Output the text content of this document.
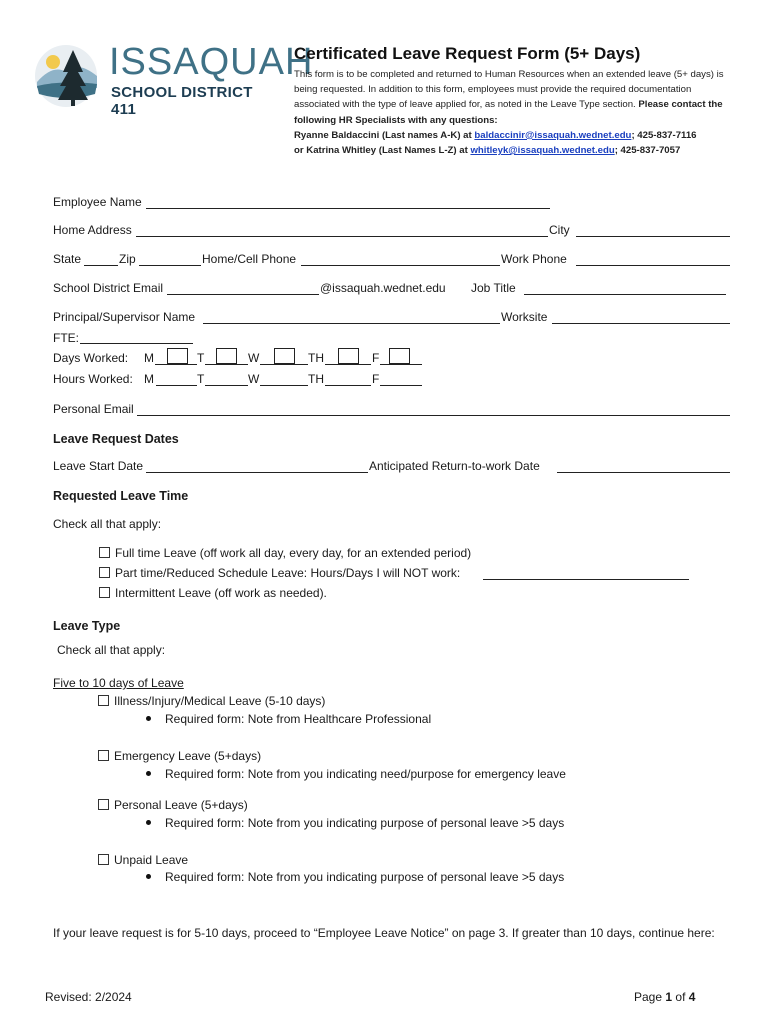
ISSAQUAH
SCHOOL DISTRICT 411
Certificated Leave Request Form (5+ Days)
This form is to be completed and returned to Human Resources when an extended leave (5+ days) is being requested. In addition to this form, employees must provide the required documentation associated with the type of leave applied for, as noted in the Leave Type section. Please contact the following HR Specialists with any questions:
Ryanne Baldaccini (Last names A-K) at baldaccinir@issaquah.wednet.edu; 425-837-7116
or Katrina Whitley (Last Names L-Z) at whitleyk@issaquah.wednet.edu; 425-837-7057
Employee Name
Home Address	City
State	Zip	Home/Cell Phone	Work Phone
School District Email	@issaquah.wednet.edu Job Title
Principal/Supervisor Name	Worksite
FTE:
Days Worked: M	T	W	TH	F
Hours Worked: M	T	W	TH	F
Personal Email
Leave Request Dates
Leave Start Date	Anticipated Return-to-work Date
Requested Leave Time
Check all that apply:
Full time Leave (off work all day, every day, for an extended period)
Part time/Reduced Schedule Leave: Hours/Days I will NOT work:
Intermittent Leave (off work as needed).
Leave Type
Check all that apply:
Five to 10 days of Leave
Illness/Injury/Medical Leave (5-10 days)
Required form: Note from Healthcare Professional
Emergency Leave (5+days)
Required form: Note from you indicating need/purpose for emergency leave
Personal Leave (5+days)
Required form: Note from you indicating purpose of personal leave >5 days
Unpaid Leave
Required form: Note from you indicating purpose of personal leave >5 days
If your leave request is for 5-10 days, proceed to “Employee Leave Notice” on page 3. If greater than 10 days, continue here:
Revised: 2/2024	Page 1 of 4
